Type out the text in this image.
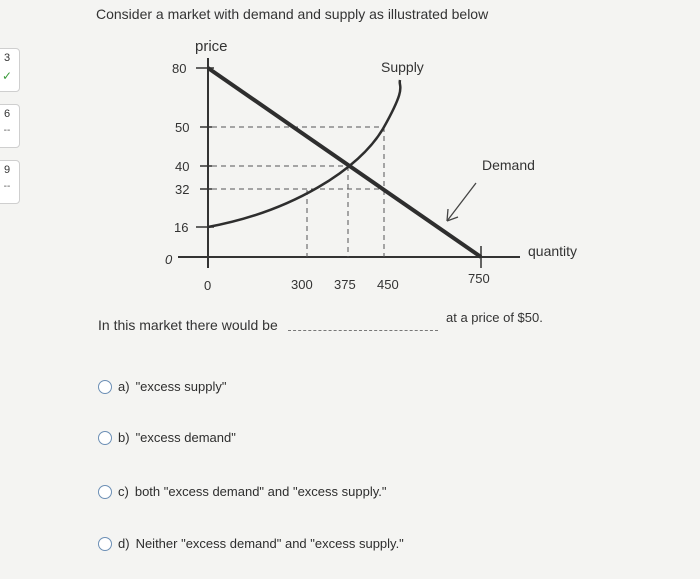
3
✓
6
--
9
--
Consider a market with demand and supply as illustrated below
price
80
50
40
32
16
0
0	300 375 450	750
Supply
Demand
quantity
In this market there would be	at a price of $50.
a) "excess supply"
b) "excess demand"
c) both "excess demand" and "excess supply."
d) Neither "excess demand" and "excess supply."
